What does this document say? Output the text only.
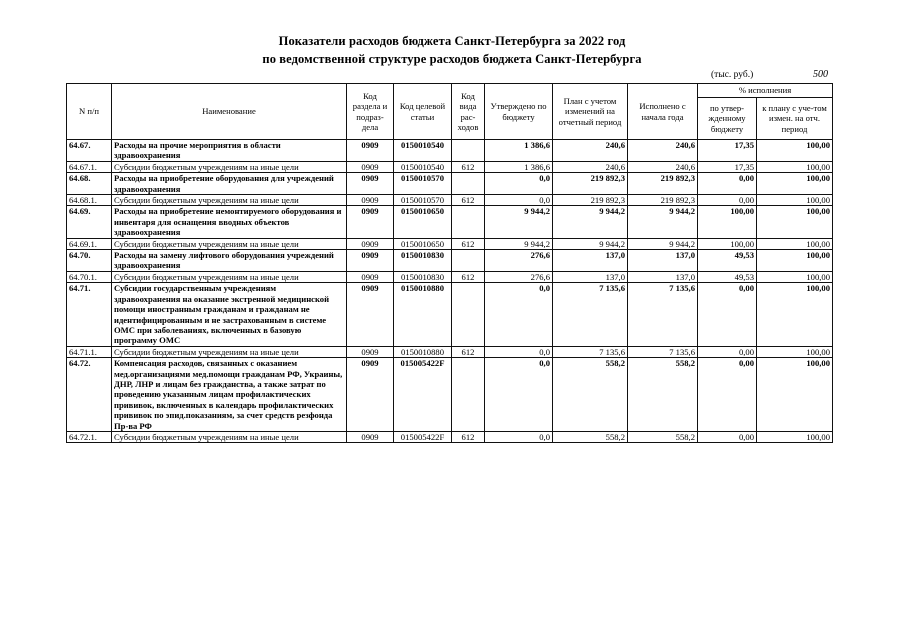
Показатели расходов бюджета Санкт-Петербурга за 2022 год
по ведомственной структуре расходов бюджета Санкт-Петербурга
(тыс. руб.)	500
N п/п	Наименование	Код раздела и подраз-дела	Код целевой статьи	Код вида рас-ходов	Утверждено по бюджету	План с учетом изменений на отчетный период	Исполнено с начала года	% исполнения	
								по утвер-жденному бюджету	к плану с уче-том измен. на отч. период
64.67.	Расходы на прочие мероприятия в области здравоохранения	0909	0150010540		1 386,6	240,6	240,6	17,35	100,00
64.67.1.	Субсидии бюджетным учреждениям на иные цели	0909	0150010540	612	1 386,6	240,6	240,6	17,35	100,00
64.68.	Расходы на приобретение оборудования для учреждений здравоохранения	0909	0150010570		0,0	219 892,3	219 892,3	0,00	100,00
64.68.1.	Субсидии бюджетным учреждениям на иные цели	0909	0150010570	612	0,0	219 892,3	219 892,3	0,00	100,00
64.69.	Расходы на приобретение немонтируемого оборудования и инвентаря для оснащения вводных объектов здравоохранения	0909	0150010650		9 944,2	9 944,2	9 944,2	100,00	100,00
64.69.1.	Субсидии бюджетным учреждениям на иные цели	0909	0150010650	612	9 944,2	9 944,2	9 944,2	100,00	100,00
64.70.	Расходы на замену лифтового оборудования учреждений здравоохранения	0909	0150010830		276,6	137,0	137,0	49,53	100,00
64.70.1.	Субсидии бюджетным учреждениям на иные цели	0909	0150010830	612	276,6	137,0	137,0	49,53	100,00
64.71.	Субсидии государственным учреждениям здравоохранения на оказание экстренной медицинской помощи иностранным гражданам и гражданам не идентифицированным и не застрахованным в системе ОМС при заболеваниях, включенных в базовую программу ОМС	0909	0150010880		0,0	7 135,6	7 135,6	0,00	100,00
64.71.1.	Субсидии бюджетным учреждениям на иные цели	0909	0150010880	612	0,0	7 135,6	7 135,6	0,00	100,00
64.72.	Компенсация расходов, связанных с оказанием мед.организациями мед.помощи гражданам РФ, Украины, ДНР, ЛНР и лицам без гражданства, а также затрат по проведению указанным лицам профилактических прививок, включенных в календарь профилактических прививок по эпид.показаниям, за счет средств резфонда Пр-ва РФ	0909	015005422F		0,0	558,2	558,2	0,00	100,00
64.72.1.	Субсидии бюджетным учреждениям на иные цели	0909	015005422F	612	0,0	558,2	558,2	0,00	100,00
